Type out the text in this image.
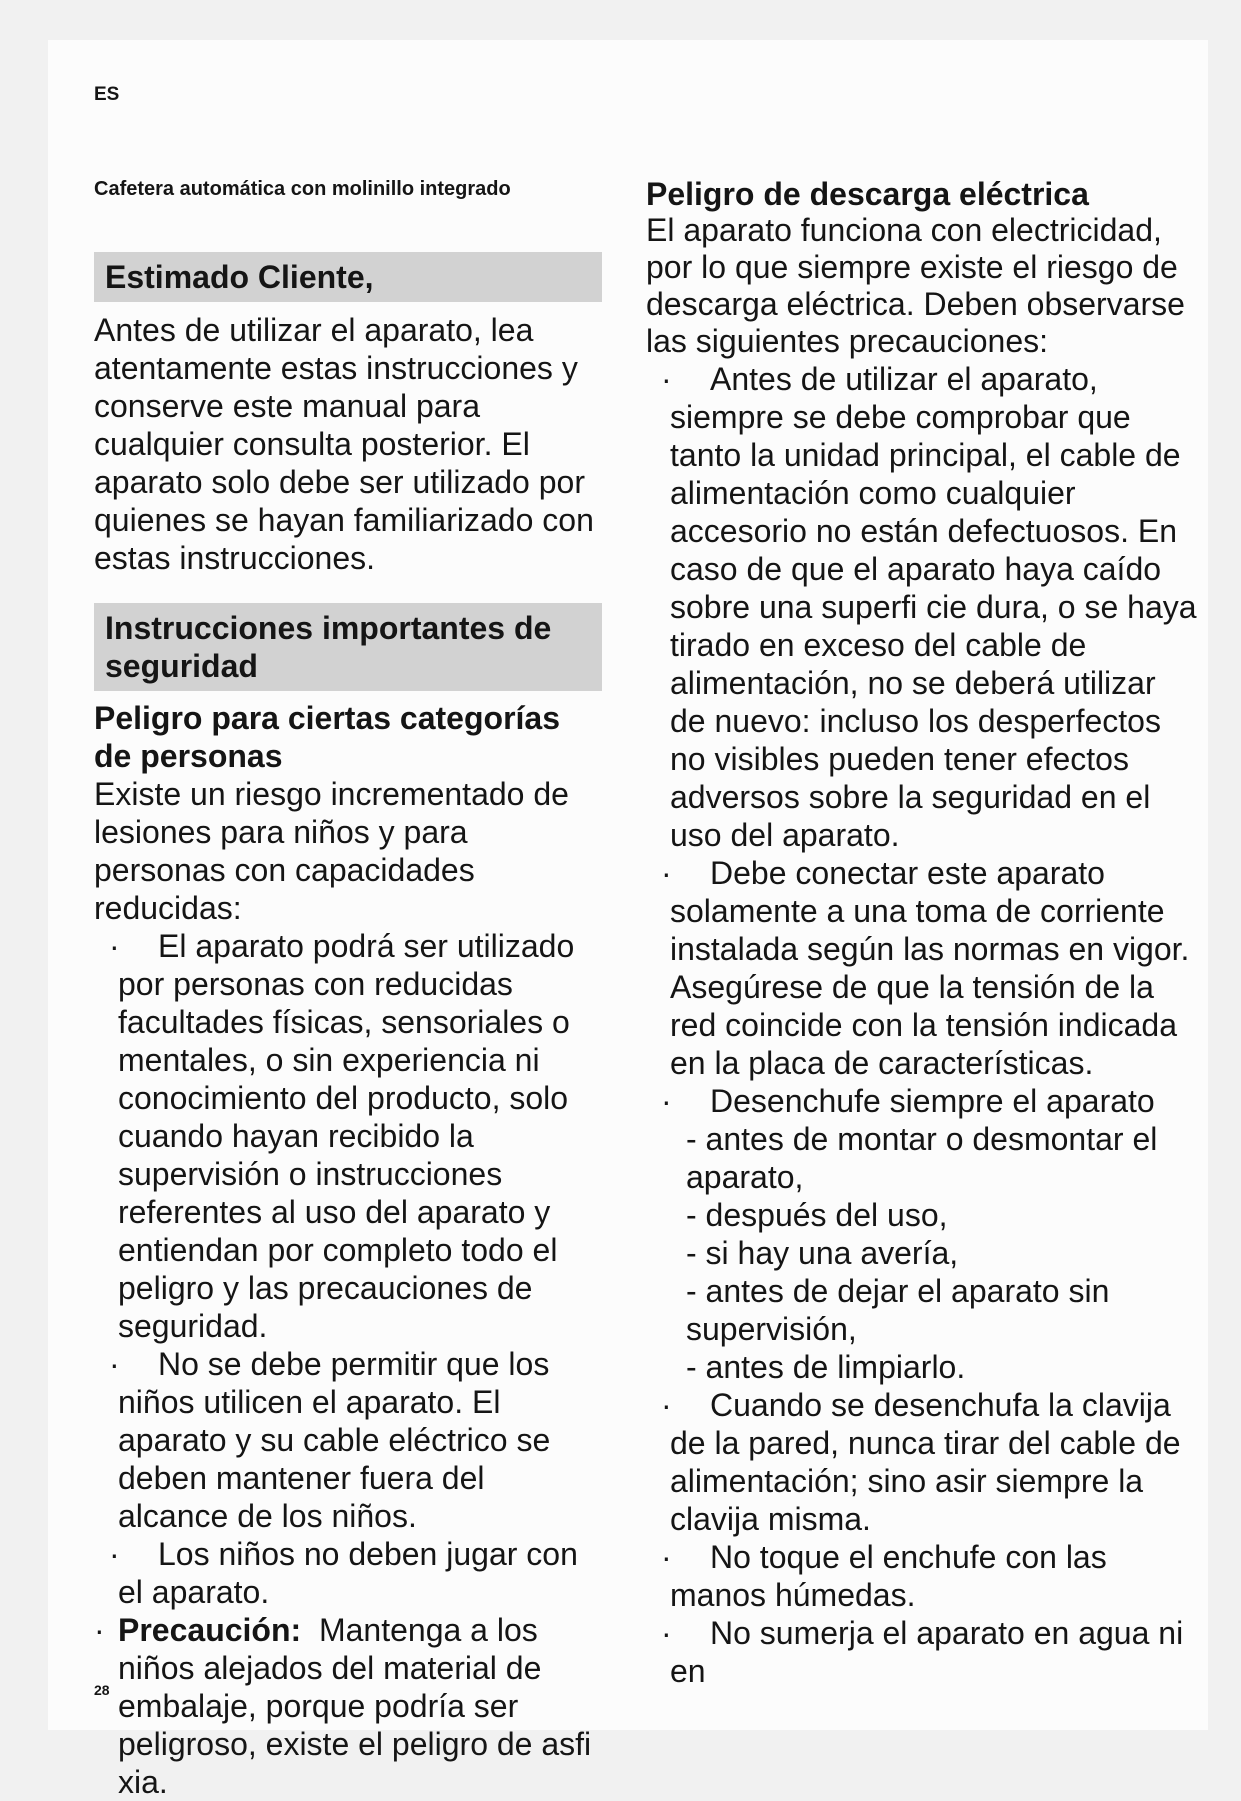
ES

Cafetera automática con molinillo integrado

Estimado Cliente,

Antes de utilizar el aparato, lea atentamente estas instrucciones y conserve este manual para cualquier consulta posterior. El aparato solo debe ser utilizado por quienes se hayan familiarizado con estas instrucciones.

Instrucciones importantes de seguridad

Peligro para ciertas categorías de personas

Existe un riesgo incrementado de lesiones para niños y para personas con capacidades reducidas:

· El aparato podrá ser utilizado por personas con reducidas facultades físicas, sensoriales o mentales, o sin experiencia ni conocimiento del producto, solo cuando hayan recibido la supervisión o instrucciones referentes al uso del aparato y entiendan por completo todo el peligro y las precauciones de seguridad.
· No se debe permitir que los niños utilicen el aparato. El aparato y su cable eléctrico se deben mantener fuera del alcance de los niños.
· Los niños no deben jugar con el aparato.

· Precaución: Mantenga a los niños alejados del material de embalaje, porque podría ser peligroso, existe el peligro de asfi xia.

Peligro de descarga eléctrica

El aparato funciona con electricidad, por lo que siempre existe el riesgo de descarga eléctrica. Deben observarse las siguientes precauciones:

· Antes de utilizar el aparato, siempre se debe comprobar que tanto la unidad principal, el cable de alimentación como cualquier accesorio no están defectuosos. En caso de que el aparato haya caído sobre una superfi cie dura, o se haya tirado en exceso del cable de alimentación, no se deberá utilizar de nuevo: incluso los desperfectos no visibles pueden tener efectos adversos sobre la seguridad en el uso del aparato.
· Debe conectar este aparato solamente a una toma de corriente instalada según las normas en vigor. Asegúrese de que la tensión de la red coincide con la tensión indicada en la placa de características.
· Desenchufe siempre el aparato
- antes de montar o desmontar el aparato,
- después del uso,
- si hay una avería,
- antes de dejar el aparato sin supervisión,
- antes de limpiarlo.
· Cuando se desenchufa la clavija de la pared, nunca tirar del cable de alimentación; sino asir siempre la clavija misma.
· No toque el enchufe con las manos húmedas.
· No sumerja el aparato en agua ni en
28
